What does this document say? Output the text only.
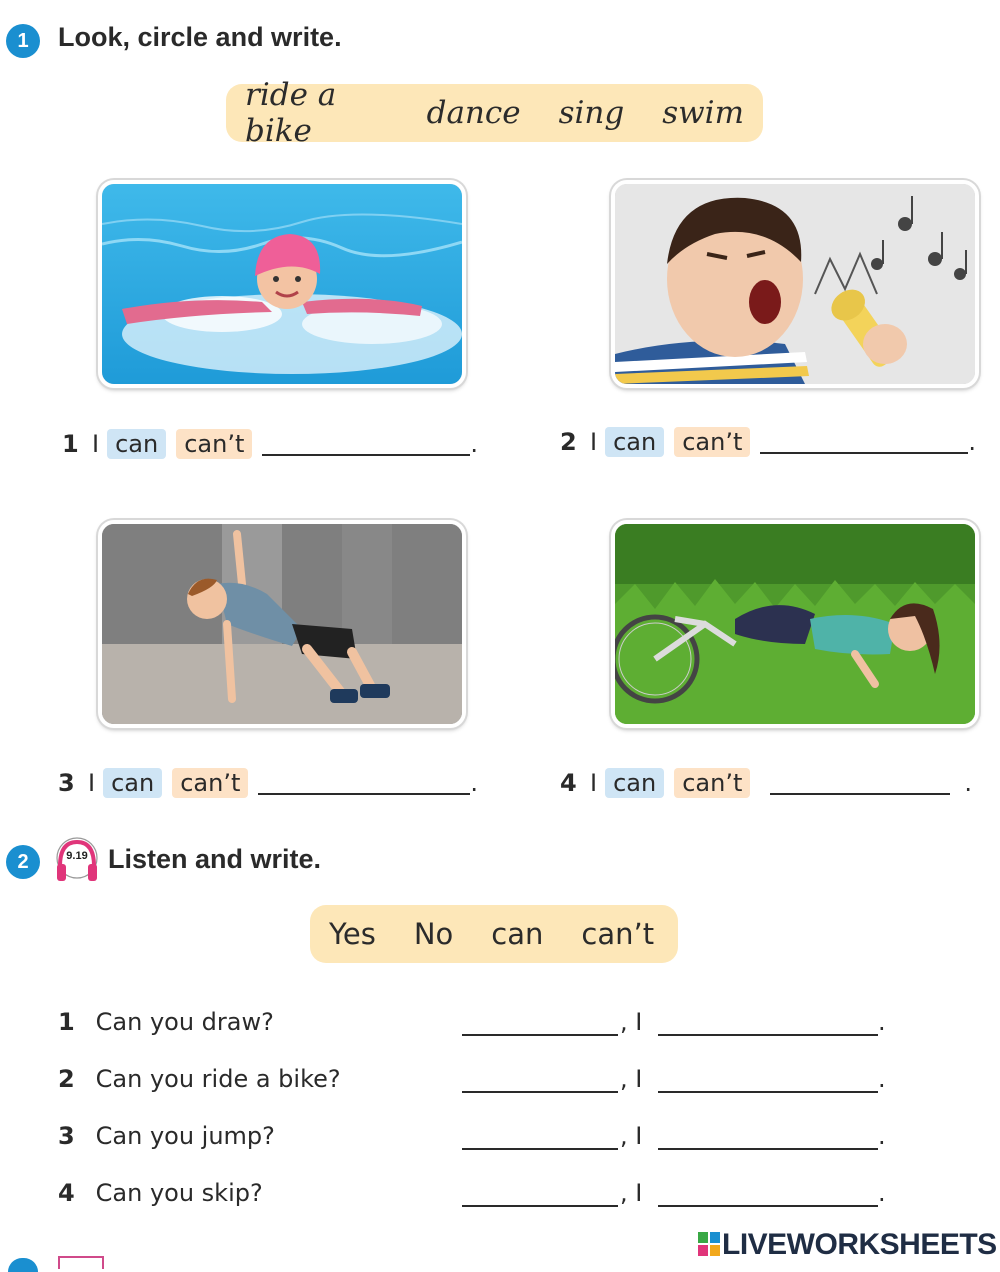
1 Look, circle and write.
ride a bike	dance	sing	swim
1 I can	can’t	.	2 I can	can’t	.
3 I can	can’t	.	4 I can	can’t	.
2	9.19 Listen and write.
Yes	No	can	can’t
1 Can you draw?	, I	.
2 Can you ride a bike?	, I	.
3 Can you jump?	, I	.
4 Can you skip?	, I	.
LIVEWORKSHEETS
